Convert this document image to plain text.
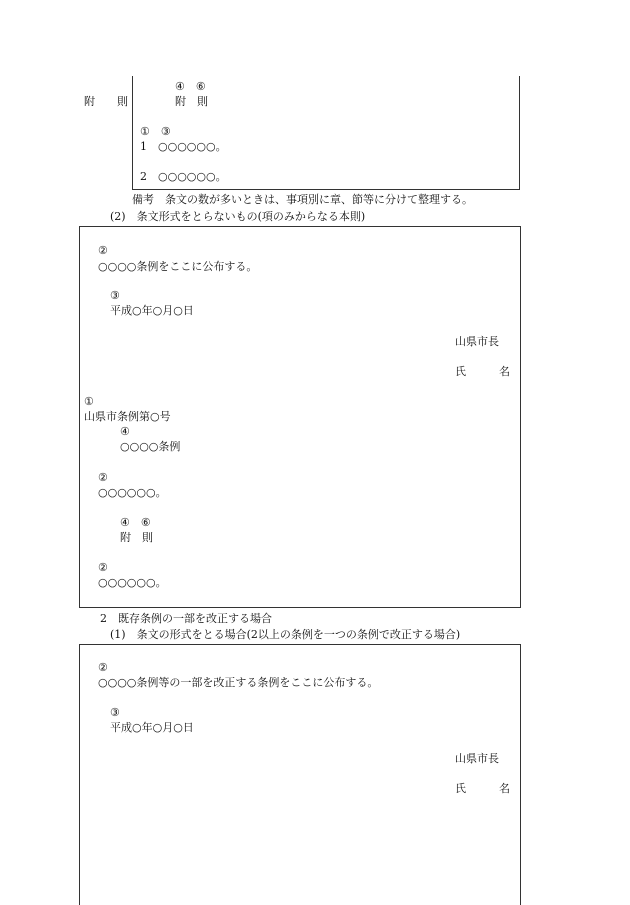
附　　則
④　⑥
附　則
①　③
1　○○○○○○。
2　○○○○○○。
備考　条文の数が多いときは、事項別に章、節等に分けて整理する。
(2)　条文形式をとらないもの(項のみからなる本則)
②
○○○○条例をここに公布する。
③
平成○年○月○日
山県市長
氏　　　名
①
山県市条例第○号
④
○○○○条例
②
○○○○○○。
④　⑥
附　則
②
○○○○○○。
2　既存条例の一部を改正する場合
(1)　条文の形式をとる場合(2以上の条例を一つの条例で改正する場合)
②
○○○○条例等の一部を改正する条例をここに公布する。
③
平成○年○月○日
山県市長
氏　　　名
